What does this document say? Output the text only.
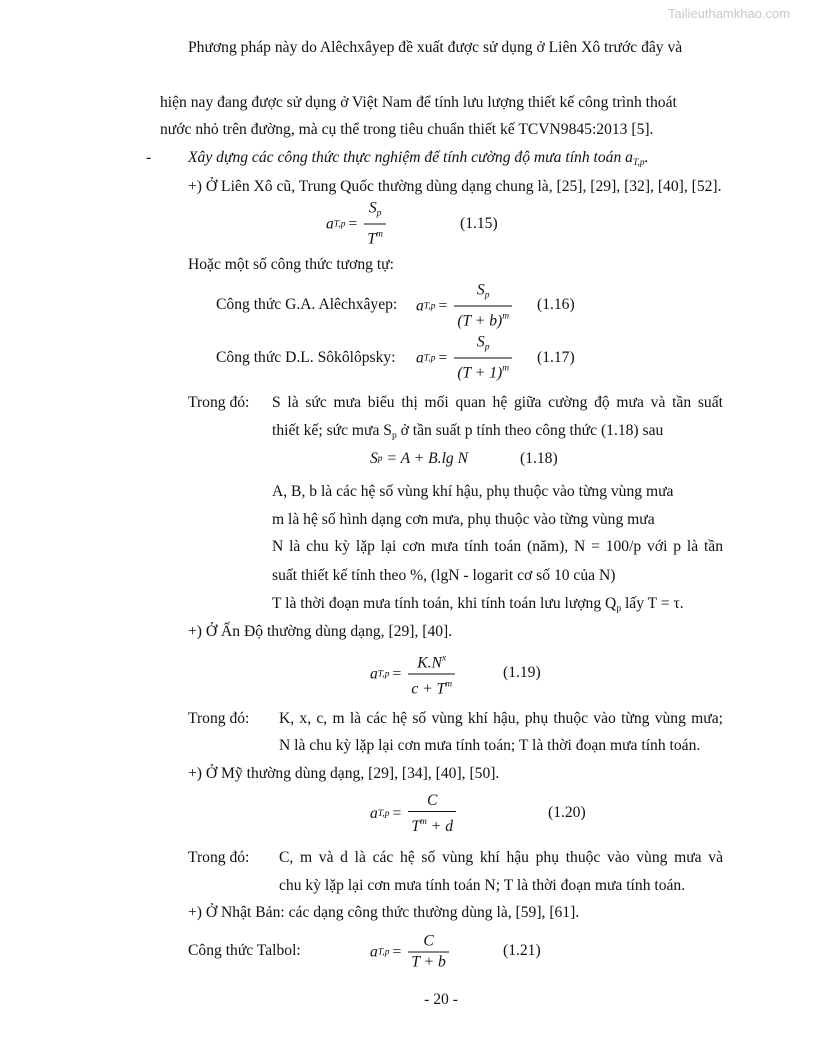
Tailieuthamkhao.com
Phương pháp này do Alêchxâyep đề xuất được sử dụng ở Liên Xô trước đây và
hiện nay đang được sử dụng ở Việt Nam để tính lưu lượng thiết kế công trình thoát
nước nhỏ trên đường, mà cụ thể trong tiêu chuẩn thiết kế TCVN9845:2013 [5].
- Xây dựng các công thức thực nghiệm để tính cường độ mưa tính toán $a_{T,p}$.
+) Ở Liên Xô cũ, Trung Quốc thường dùng dạng chung là, [25], [29], [32], [40], [52].
a $T,p = \frac{S_p}{T^m}$	(1.15)
Hoặc một số công thức tương tự:
Công thức G.A. Alêchxâyep: a $T,p = \frac{S_p}{(T + b)^m} (1.16)$
Công thức D.L. Sôkôlôpsky: a $T,p = \frac{S_p}{(T + 1)^m} (1.17)$
Trong đó: S là sức mưa biểu thị mối quan hệ giữa cường độ mưa và tần suất
thiết kế; sức mưa $S_p$ ở tần suất p tính theo công thức (1.18) sau
S p
= A + B.lg N	(1.18)
A, B, b là các hệ số vùng khí hậu, phụ thuộc vào từng vùng mưa
m là hệ số hình dạng cơn mưa, phụ thuộc vào từng vùng mưa
N là chu kỳ lặp lại cơn mưa tính toán (năm), N = 100/p với p là tần
suất thiết kế tính theo %, (lgN - logarit cơ số 10 của N)
T là thời đoạn mưa tính toán, khi tính toán lưu lượng $Q_p$ lấy T = τ.
+) Ở Ấn Độ thường dùng dạng, [29], [40].
a $T,p = \frac{K.N^x}{c + T^m}$	(1.19)
Trong đó: K, x, c, m là các hệ số vùng khí hậu, phụ thuộc vào từng vùng mưa;
N là chu kỳ lặp lại cơn mưa tính toán; T là thời đoạn mưa tính toán.
+) Ở Mỹ thường dùng dạng, [29], [34], [40], [50].
a $T,p = \frac{C}{T^m + d}$	(1.20)
Trong đó: C, m và d là các hệ số vùng khí hậu phụ thuộc vào vùng mưa và
chu kỳ lặp lại cơn mưa tính toán N; T là thời đoạn mưa tính toán.
+) Ở Nhật Bản: các dạng công thức thường dùng là, [59], [61].
Công thức Talbol:	a $T,p = \frac{C}{T + b}$	(1.21)
- 20 -
